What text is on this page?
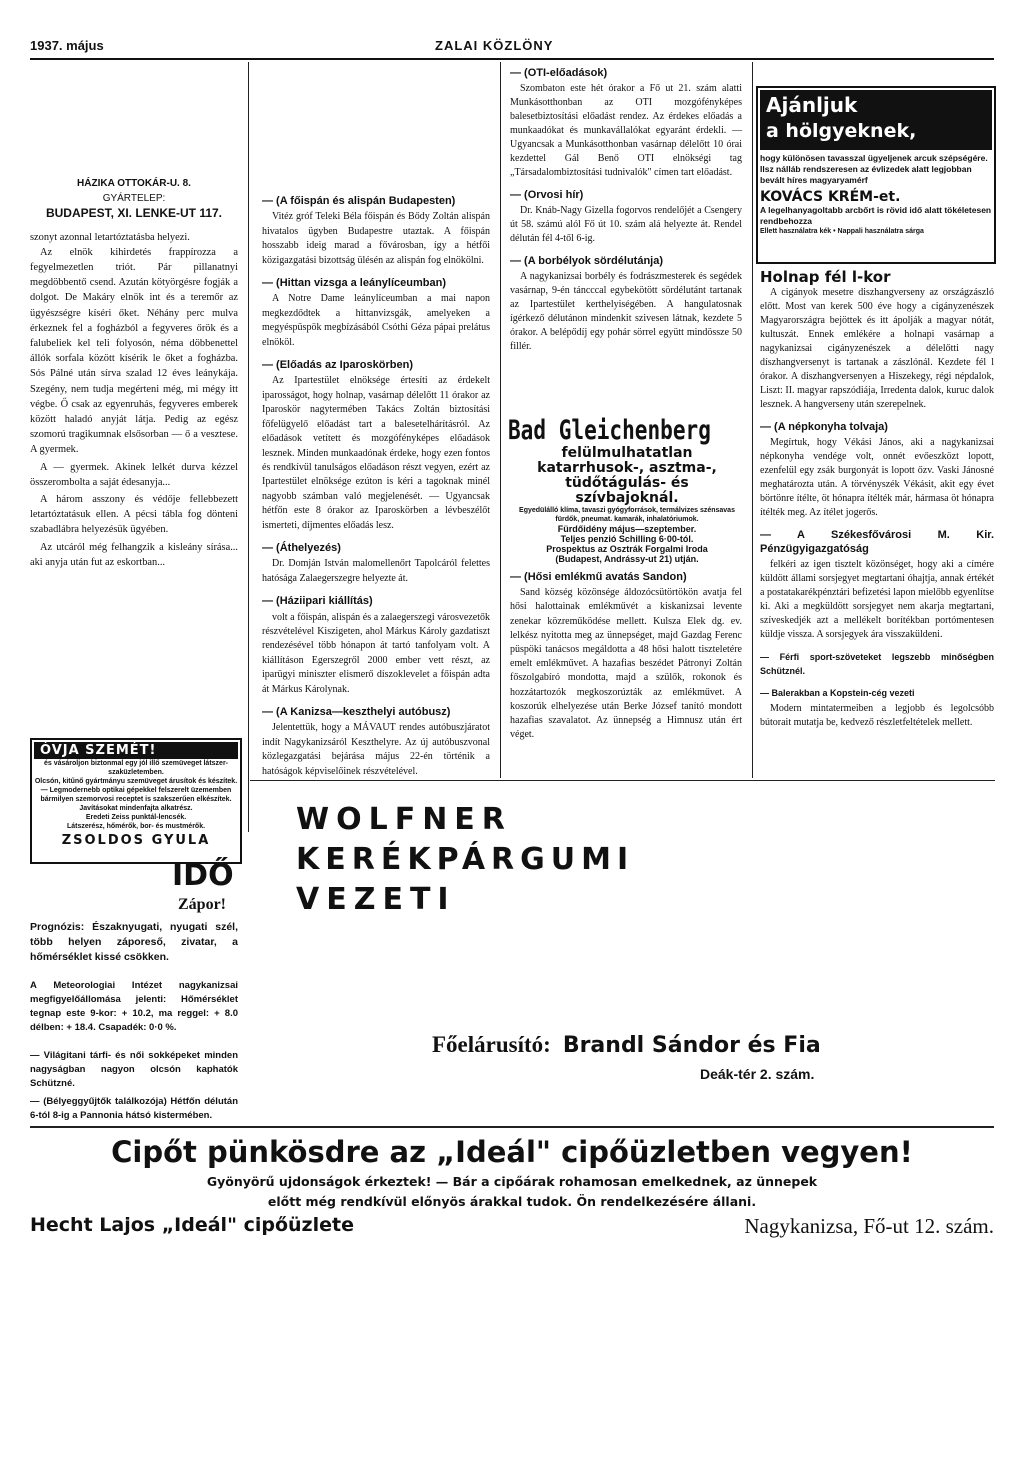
1937. május	ZALAI KÖZLÖNY
HÁZIKA OTTOKÁR-U. 8.
GYÁRTELEP:
BUDAPEST, XI. LENKE-UT 117.

szonyt azonnal letartóztatásba helyezi.

Az elnök kihirdetés frappírozza a fegyelmezetlen triót. Pár pillanatnyi megdöbbentő csend. Azután kötyörgésre fogják a dolgot. De Makáry elnök int és a teremőr az ügyészségre kíséri őket. Néhány perc mulva érkeznek fel a fogházból a fegyveres őrök és a falubeliek kel teli folyosón, néma döbbenettel állók sorfala között kísérik le őket a fogházba. Sós Pálné után sírva szalad 12 éves leánykája. Szegény, nem tudja megérteni még, mi mégy itt végbe. Ő csak az egyenruhás, fegyveres emberek között haladó anyját látja. Pedig az egész szomorú tragikumnak elsősorban — ő a vesztese. A gyermek.

A — gyermek. Akinek lelkét durva kézzel összerombolta a saját édesanyja...

A három asszony és védője fellebbezett letartóztatásuk ellen. A pécsi tábla fog dönteni szabadlábra helyezésük ügyében.

Az utcáról még felhangzik a kisleány sírása... aki anyja után fut az eskortban...

ÓVJA SZEMÉT!
és vásároljon biztonmal egy jól illő szemüveget látszer-szaküzletemben.
Olcsón, kitűnő gyártmányu szemüveget árusítok és készítek. — Legmodernebb optikai gépekkel felszerelt üzememben bármilyen szemorvosi receptet is szakszerűen elkészítek.
Javításokat mindenfajta alkatrész.
Eredeti Zeiss punktál-lencsék.
Látszerész, hőmérők, bor- és mustmérők.
ZSOLDOS GYULA
IDŐ
Zápor!

Prognózis: Északnyugati, nyugati szél, több helyen záporeső, zivatar, a hőmérséklet kissé csökken.

A Meteorologiai Intézet nagykanizsai megfigyelőállomása jelenti: Hőmérséklet tegnap este 9-kor: + 10.2, ma reggel: + 8.0 délben: + 18.4. Csapadék: 0·0 %.

— Világitani tárfi- és női sokképeket minden nagyságban nagyon olcsón kaphatók Schützné.

— (Bélyeggyűjtők találkozója) Hétfőn délután 6-tól 8-ig a Pannonia hátsó kistermében.

— (A főispán és alispán Budapesten)

Vitéz gróf Teleki Béla főispán és Bődy Zoltán alispán hivatalos ügyben Budapestre utaztak. A főispán hosszabb ideig marad a fővárosban, így a hétfői közigazgatási bizottság ülésén az alispán fog elnökölni.

— (Hittan vizsga a leánylíceumban)

A Notre Dame leánylíceumban a mai napon megkezdődtek a hittanvizsgák, amelyeken a megyéspüspök megbízásából Csóthi Géza pápai prelátus elnököl.

— (Előadás az Iparoskörben)

Az Ipartestület elnöksége értesíti az érdekelt iparosságot, hogy holnap, vasárnap délelőtt 11 órakor az Iparoskör nagytermében Takács Zoltán biztosítási főfelügyelő előadást tart a balesetelhárításról. Az előadások vetített és mozgófényképes előadások lesznek. Minden munkaadónak érdeke, hogy ezen fontos és rendkívül tanulságos előadáson részt vegyen, ezért az Ipartestület elnöksége ezúton is kéri a tagoknak minél nagyobb számban való megjelenését. — Ugyancsak hétfőn este 8 órakor az Iparoskörben a lévbeszélőt ismerteti, díjmentes előadás lesz.

— (Áthelyezés)

Dr. Domján István malomellenőrt Tapolcáról felettes hatósága Zalaegerszegre helyezte át.

— (Háziipari kiállítás)

volt a főispán, alispán és a zalaegerszegi városvezetők részvételével Kiszigeten, ahol Márkus Károly gazdatiszt rendezésével több hónapon át tartó tanfolyam volt. A kiállításon Egerszegről 2000 ember vett részt, az iparügyi miniszter elismerő díszoklevelet a főispán adta át Márkus Károlynak.

— (A Kanizsa—keszthelyi autóbusz)

Jelentettük, hogy a MÁVAUT rendes autóbuszjáratot indít Nagykanizsáról Keszthelyre. Az új autóbuszvonal közlegazgatási bejárása május 22-én történik a hatóságok képviselőinek részvételével.

— (OTI-előadások)

Szombaton este hét órakor a Fő ut 21. szám alatti Munkásotthonban az OTI mozgófényképes balesetbiztosítási előadást rendez. Az érdekes előadás a munkaadókat és munkavállalókat egyaránt érdekli. — Ugyancsak a Munkásotthonban vasárnap délelőtt 10 órai kezdettel Gál Benő OTI elnökségi tag „Társadalombiztosítási tudnivalók" címen tart előadást.

— (Orvosi hír)

Dr. Knáb-Nagy Gizella fogorvos rendelőjét a Csengery út 58. számú alól Fő út 10. szám alá helyezte át. Rendel délután fél 4-től 6-ig.

— (A borbélyok sördélutánja)

A nagykanizsai borbély és fodrászmesterek és segédek vasárnap, 9-én táncccal egybekötött sördélutánt tartanak az Ipartestület kerthelyiségében. A hangulatosnak ígérkező délutánon mindenkit szivesen látnak, kezdete 5 órakor. A belépődíj egy pohár sörrel együtt mindössze 50 fillér.

Bad Gleichenberg
felülmulhatatlan
katarrhusok-, asztma-,
tüdőtágulás- és
szívbajoknál.
Egyedülálló klíma, tavaszi gyógyforrások, termálvizes szénsavas fürdők, pneumat. kamarák, inhalatóriumok.
Fürdőidény május—szeptember.
Teljes penzió Schilling 6·00-tól.
Prospektus az Osztrák Forgalmi Iroda
(Budapest, Andrássy-ut 21) utján.
— (Hősi emlékmű avatás Sandon)

Sand község közönsége áldozócsütörtökön avatja fel hősi halottainak emlékművét a kiskanizsai levente zenekar közreműködése mellett. Kulsza Elek dg. ev. lelkész nyitotta meg az ünnepséget, majd Gazdag Ferenc püspöki tanácsos megáldotta a 48 hősi halott tiszteletére emelt emlékművet. A hazafias beszédet Pátronyi Zoltán főszolgabíró mondotta, majd a szülők, rokonok és hozzátartozók megkoszorúzták az emlékművet. A koszorúk elhelyezése után Berke József tanító mondott hazafias szavalatot. Az ünnepség a Himnusz után ért véget.

Ajánljuk
a hölgyeknek,
hogy különösen tavasszal ügyeljenek arcuk szépségére. Ilsz nálláb rendszeresen az évlizedek alatt legjobban bevált híres magyaryamérf
KOVÁCS KRÉM-et.
A legelhanyagoltabb arcbőrt is rövid idő alatt tökéletesen rendbehozza
Ellett használatra kék • Nappali használatra sárga
Holnap fél l-kor

A cigányok mesetre diszhangverseny az országzászló előtt. Most van kerek 500 éve hogy a cigányzenészek Magyarországra bejöttek és itt ápolják a magyar nótát, kultuszát. Ennek emlékére a holnapi vasárnap a nagykanizsai cigányzenészek a délelőtti nagy díszhangversenyt is tartanak a zászlónál. Kezdete fél l órakor. A diszhangversenyen a Hiszekegy, régi népdalok, Liszt: II. magyar rapszódiája, Irredenta dalok, kuruc dalok lesznek. A hangverseny után szerepelnek.

— (A népkonyha tolvaja)

Megírtuk, hogy Vékási János, aki a nagykanizsai népkonyha vendége volt, onnét evőeszközt lopott, ezenfelül egy zsák burgonyát is lopott őzv. Vaski Jánosné meghatározta után. A törvényszék Vékásit, akit egy évet börtönre ítélte, öt hónapra ítélték már, hármasa öt hónapra ítélték meg. Az ítélet jogerős.

— A Székesfővárosi M. Kir. Pénzügyigazgatóság

felkéri az igen tisztelt közönséget, hogy aki a címére küldött állami sorsjegyet megtartani óhajtja, annak értékét a postatakarékpénztári befizetési lapon mielőbb egyenlítse ki. Aki a megküldött sorsjegyet nem akarja megtartani, szíveskedjék azt a mellékelt borítékban portómentesen küldje vissza. A sorsjegyek ára visszaküldeni.

— Férfi sport-szöveteket legszebb minőségben Schütznél.
— Balerakban a Kopstein-cég vezeti

Modern mintatermeiben a legjobb és legolcsóbb bútorait mutatja be, kedvező részletfeltételek mellett.

WOLFNER
KERÉKPÁRGUMI
VEZETI
Főelárusító: Brandl Sándor és Fia
Deák-tér 2. szám.
Cipőt pünkösdre az „Ideál" cipőüzletben vegyen!
Gyönyörű ujdonságok érkeztek! — Bár a cipőárak rohamosan emelkednek, az ünnepek
előtt még rendkívül előnyös árakkal tudok. Ön rendelkezésére állani.
Hecht Lajos „Ideál" cipőüzlete	Nagykanizsa, Fő-ut 12. szám.
